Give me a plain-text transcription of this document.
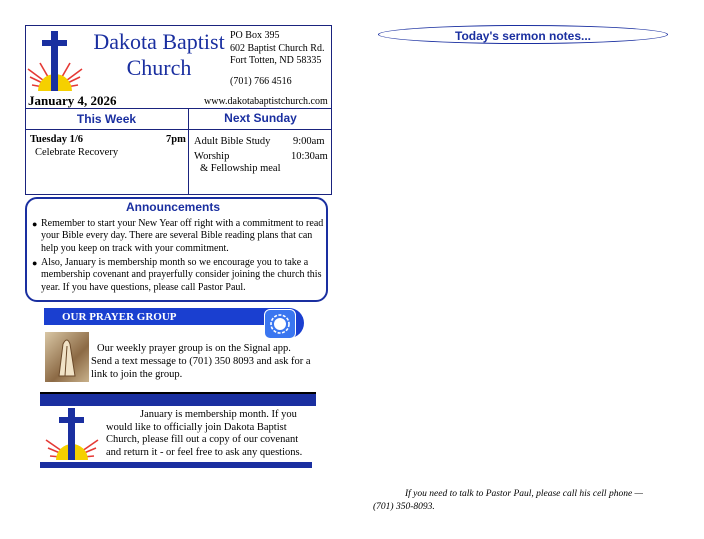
Dakota Baptist Church
PO Box 395
602 Baptist Church Rd.
Fort Totten, ND 58335
(701) 766 4516
January 4, 2026	www.dakotabaptistchurch.com
This Week	Next Sunday
Tuesday 1/6	7pm
Celebrate Recovery
Adult Bible Study 9:00am
Worship	10:30am
& Fellowship meal
Announcements
● Remember to start your New Year off right with a commitment to read your Bible every day. There are several Bible reading plans that can help you keep on track with your commitment.
● Also, January is membership month so we encourage you to take a membership covenant and prayerfully consider joining the church this year. If you have questions, please call Pastor Paul.
OUR PRAYER GROUP
Our weekly prayer group is on the Signal app. Send a text message to (701) 350 8093 and ask for a link to join the group.
January is membership month. If you would like to officially join Dakota Baptist Church, please fill out a copy of our covenant and return it - or feel free to ask any questions.
Today's sermon notes...
If you need to talk to Pastor Paul, please call his cell phone — (701) 350-8093.
